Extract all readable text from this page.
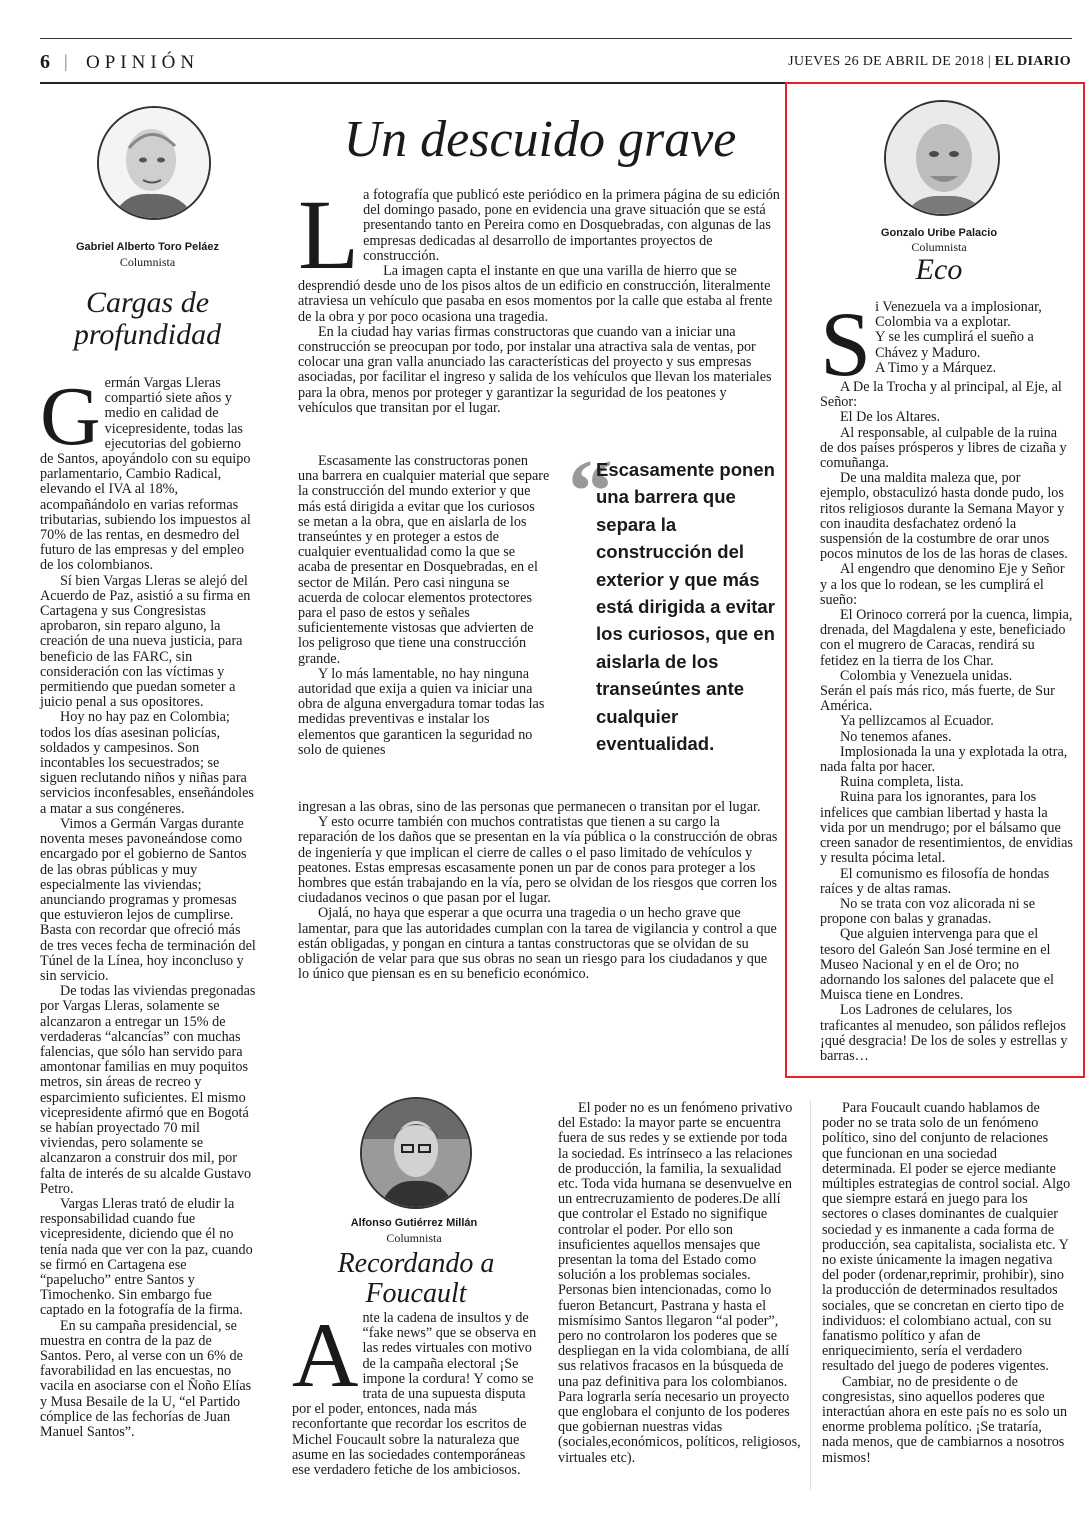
6 | OPINIÓN	JUEVES 26 DE ABRIL DE 2018 | EL DIARIO
Gabriel Alberto Toro Peláez
Columnista
Cargas de profundidad
G ermán Vargas Lleras compartió siete años y medio en calidad de vicepresidente, todas las ejecutorias del gobierno de Santos, apoyándolo con su equipo parlamentario, Cambio Radical, elevando el IVA al 18%, acompañándolo en varias reformas tributarias, subiendo los impuestos al 70% de las rentas, en desmedro del futuro de las empresas y del empleo de los colombianos.

Sí bien Vargas Lleras se alejó del Acuerdo de Paz, asistió a su firma en Cartagena y sus Congresistas aprobaron, sin reparo alguno, la creación de una nueva justicia, para beneficio de las FARC, sin consideración con las víctimas y permitiendo que puedan someter a juicio penal a sus opositores.

Hoy no hay paz en Colombia; todos los días asesinan policías, soldados y campesinos. Son incontables los secuestrados; se siguen reclutando niños y niñas para servicios inconfesables, enseñándoles a matar a sus congéneres.

Vimos a Germán Vargas durante noventa meses pavoneándose como encargado por el gobierno de Santos de las obras públicas y muy especialmente las viviendas; anunciando programas y promesas que estuvieron lejos de cumplirse. Basta con recordar que ofreció más de tres veces fecha de terminación del Túnel de la Línea, hoy inconcluso y sin servicio.

De todas las viviendas pregonadas por Vargas Lleras, solamente se alcanzaron a entregar un 15% de verdaderas “alcancías” con muchas falencias, que sólo han servido para amontonar familias en muy poquitos metros, sin áreas de recreo y esparcimiento suficientes. El mismo vicepresidente afirmó que en Bogotá se habían proyectado 70 mil viviendas, pero solamente se alcanzaron a construir dos mil, por falta de interés de su alcalde Gustavo Petro.

Vargas Lleras trató de eludir la responsabilidad cuando fue vicepresidente, diciendo que él no tenía nada que ver con la paz, cuando se firmó en Cartagena ese “papelucho” entre Santos y Timochenko. Sin embargo fue captado en la fotografía de la firma.

En su campaña presidencial, se muestra en contra de la paz de Santos. Pero, al verse con un 6% de favorabilidad en las encuestas, no vacila en asociarse con el Ñoño Elías y Musa Besaile de la U, “el Partido cómplice de las fechorías de Juan Manuel Santos”.

Un descuido grave
L a fotografía que publicó este periódico en la primera página de su edición del domingo pasado, pone en evidencia una grave situación que se está presentando tanto en Pereira como en Dosquebradas, con algunas de las empresas dedicadas al desarrollo de importantes proyectos de construcción.

La imagen capta el instante en que una varilla de hierro que se desprendió desde uno de los pisos altos de un edificio en construcción, literalmente atraviesa un vehículo que pasaba en esos momentos por la calle que estaba al frente de la obra y por poco ocasiona una tragedia.

En la ciudad hay varias firmas constructoras que cuando van a iniciar una construcción se preocupan por todo, por instalar una atractiva sala de ventas, por colocar una gran valla anunciado las características del proyecto y sus empresas asociadas, por facilitar el ingreso y salida de los vehículos que llevan los materiales para la obra, menos por proteger y garantizar la seguridad de los peatones y vehículos que transitan por el lugar.

Escasamente las constructoras ponen una barrera en cualquier material que separe la construcción del mundo exterior y que más está dirigida a evitar que los curiosos se metan a la obra, que en aislarla de los transeúntes y en proteger a estos de cualquier eventualidad como la que se acaba de presentar en Dosquebradas, en el sector de Milán. Pero casi ninguna se acuerda de colocar elementos protectores para el paso de estos y señales suficientemente vistosas que advierten de los peligroso que tiene una construcción grande.

Y lo más lamentable, no hay ninguna autoridad que exija a quien va iniciar una obra de alguna envergadura tomar todas las medidas preventivas e instalar los elementos que garanticen la seguridad no solo de quienes

“
Escasamente ponen una barrera que separa la construcción del exterior y que más está dirigida a evitar los curiosos, que en aislarla de los transeúntes ante cualquier eventualidad.

ingresan a las obras, sino de las personas que permanecen o transitan por el lugar.

Y esto ocurre también con muchos contratistas que tienen a su cargo la reparación de los daños que se presentan en la vía pública o la construcción de obras de ingeniería y que implican el cierre de calles o el paso limitado de vehículos y peatones. Estas empresas escasamente ponen un par de conos para proteger a los hombres que están trabajando en la vía, pero se olvidan de los riesgos que corren los ciudadanos vecinos o que pasan por el lugar.

Ojalá, no haya que esperar a que ocurra una tragedia o un hecho grave que lamentar, para que las autoridades cumplan con la tarea de vigilancia y control a que están obligadas, y pongan en cintura a tantas constructoras que se olvidan de su obligación de velar para que sus obras no sean un riesgo para los ciudadanos y que lo único que piensan es en su beneficio económico.

Gonzalo Uribe Palacio
Columnista
Eco
S i Venezuela va a implosionar,
Colombia va a explotar.
Y se les cumplirá el sueño a
Chávez y Maduro.
A Timo y a Márquez.

A De la Trocha y al principal, al Eje, al Señor:

El De los Altares.

Al responsable, al culpable de la ruina de dos países prósperos y libres de cizaña y comuñanga.

De una maldita maleza que, por ejemplo, obstaculizó hasta donde pudo, los ritos religiosos durante la Semana Mayor y con inaudita desfachatez ordenó la suspensión de la costumbre de orar unos pocos minutos de los de las horas de clases.

Al engendro que denomino Eje y Señor y a los que lo rodean, se les cumplirá el sueño:

El Orinoco correrá por la cuenca, limpia, drenada, del Magdalena y este, beneficiado con el mugrero de Caracas, rendirá su fetidez en la tierra de los Char.

Colombia y Venezuela unidas.

Serán el país más rico, más fuerte, de Sur América.

Ya pellizcamos al Ecuador.

No tenemos afanes.

Implosionada la una y explotada la otra, nada falta por hacer.

Ruina completa, lista.

Ruina para los ignorantes, para los infelices que cambian libertad y hasta la vida por un mendrugo; por el bálsamo que creen sanador de resentimientos, de envidias y resulta pócima letal.

El comunismo es filosofía de hondas raíces y de altas ramas.

No se trata con voz alicorada ni se propone con balas y granadas.

Que alguien intervenga para que el tesoro del Galeón San José termine en el Museo Nacional y en el de Oro; no adornando los salones del palacete que el Muisca tiene en Londres.

Los Ladrones de celulares, los traficantes al menudeo, son pálidos reflejos ¡qué desgracia! De los de soles y estrellas y barras…

Alfonso Gutiérrez Millán
Columnista
Recordando a Foucault
A nte la cadena de insultos y de “fake news” que se observa en las redes virtuales con motivo de la campaña electoral ¡Se impone la cordura! Y como se trata de una supuesta disputa por el poder, entonces, nada más reconfortante que recordar los escritos de Michel Foucault sobre la naturaleza que asume en las sociedades contemporáneas ese verdadero fetiche de los ambiciosos.

El poder no es un fenómeno privativo del Estado: la mayor parte se encuentra fuera de sus redes y se extiende por toda la sociedad. Es intrínseco a las relaciones de producción, la familia, la sexualidad etc. Toda vida humana se desenvuelve en un entrecruzamiento de poderes.De allí que controlar el Estado no signifique controlar el poder. Por ello son insuficientes aquellos mensajes que presentan la toma del Estado como solución a los problemas sociales. Personas bien intencionadas, como lo fueron Betancurt, Pastrana y hasta el mismísimo Santos llegaron “al poder”, pero no controlaron los poderes que se despliegan en la vida colombiana, de allí sus relativos fracasos en la búsqueda de una paz definitiva para los colombianos. Para lograrla sería necesario un proyecto que englobara el conjunto de los poderes que gobiernan nuestras vidas (sociales,económicos, políticos, religiosos, virtuales etc).

Para Foucault cuando hablamos de poder no se trata solo de un fenómeno político, sino del conjunto de relaciones que funcionan en una sociedad determinada. El poder se ejerce mediante múltiples estrategias de control social. Algo que siempre estará en juego para los sectores o clases dominantes de cualquier sociedad y es inmanente a cada forma de producción, sea capitalista, socialista etc. Y no existe únicamente la imagen negativa del poder (ordenar,reprimir, prohibir), sino la producción de determinados resultados sociales, que se concretan en cierto tipo de individuos: el colombiano actual, con su fanatismo político y afan de enriquecimiento, sería el verdadero resultado del juego de poderes vigentes.

Cambiar, no de presidente o de congresistas, sino aquellos poderes que interactúan ahora en este país no es solo un enorme problema político. ¡Se trataría, nada menos, que de cambiarnos a nosotros mismos!
